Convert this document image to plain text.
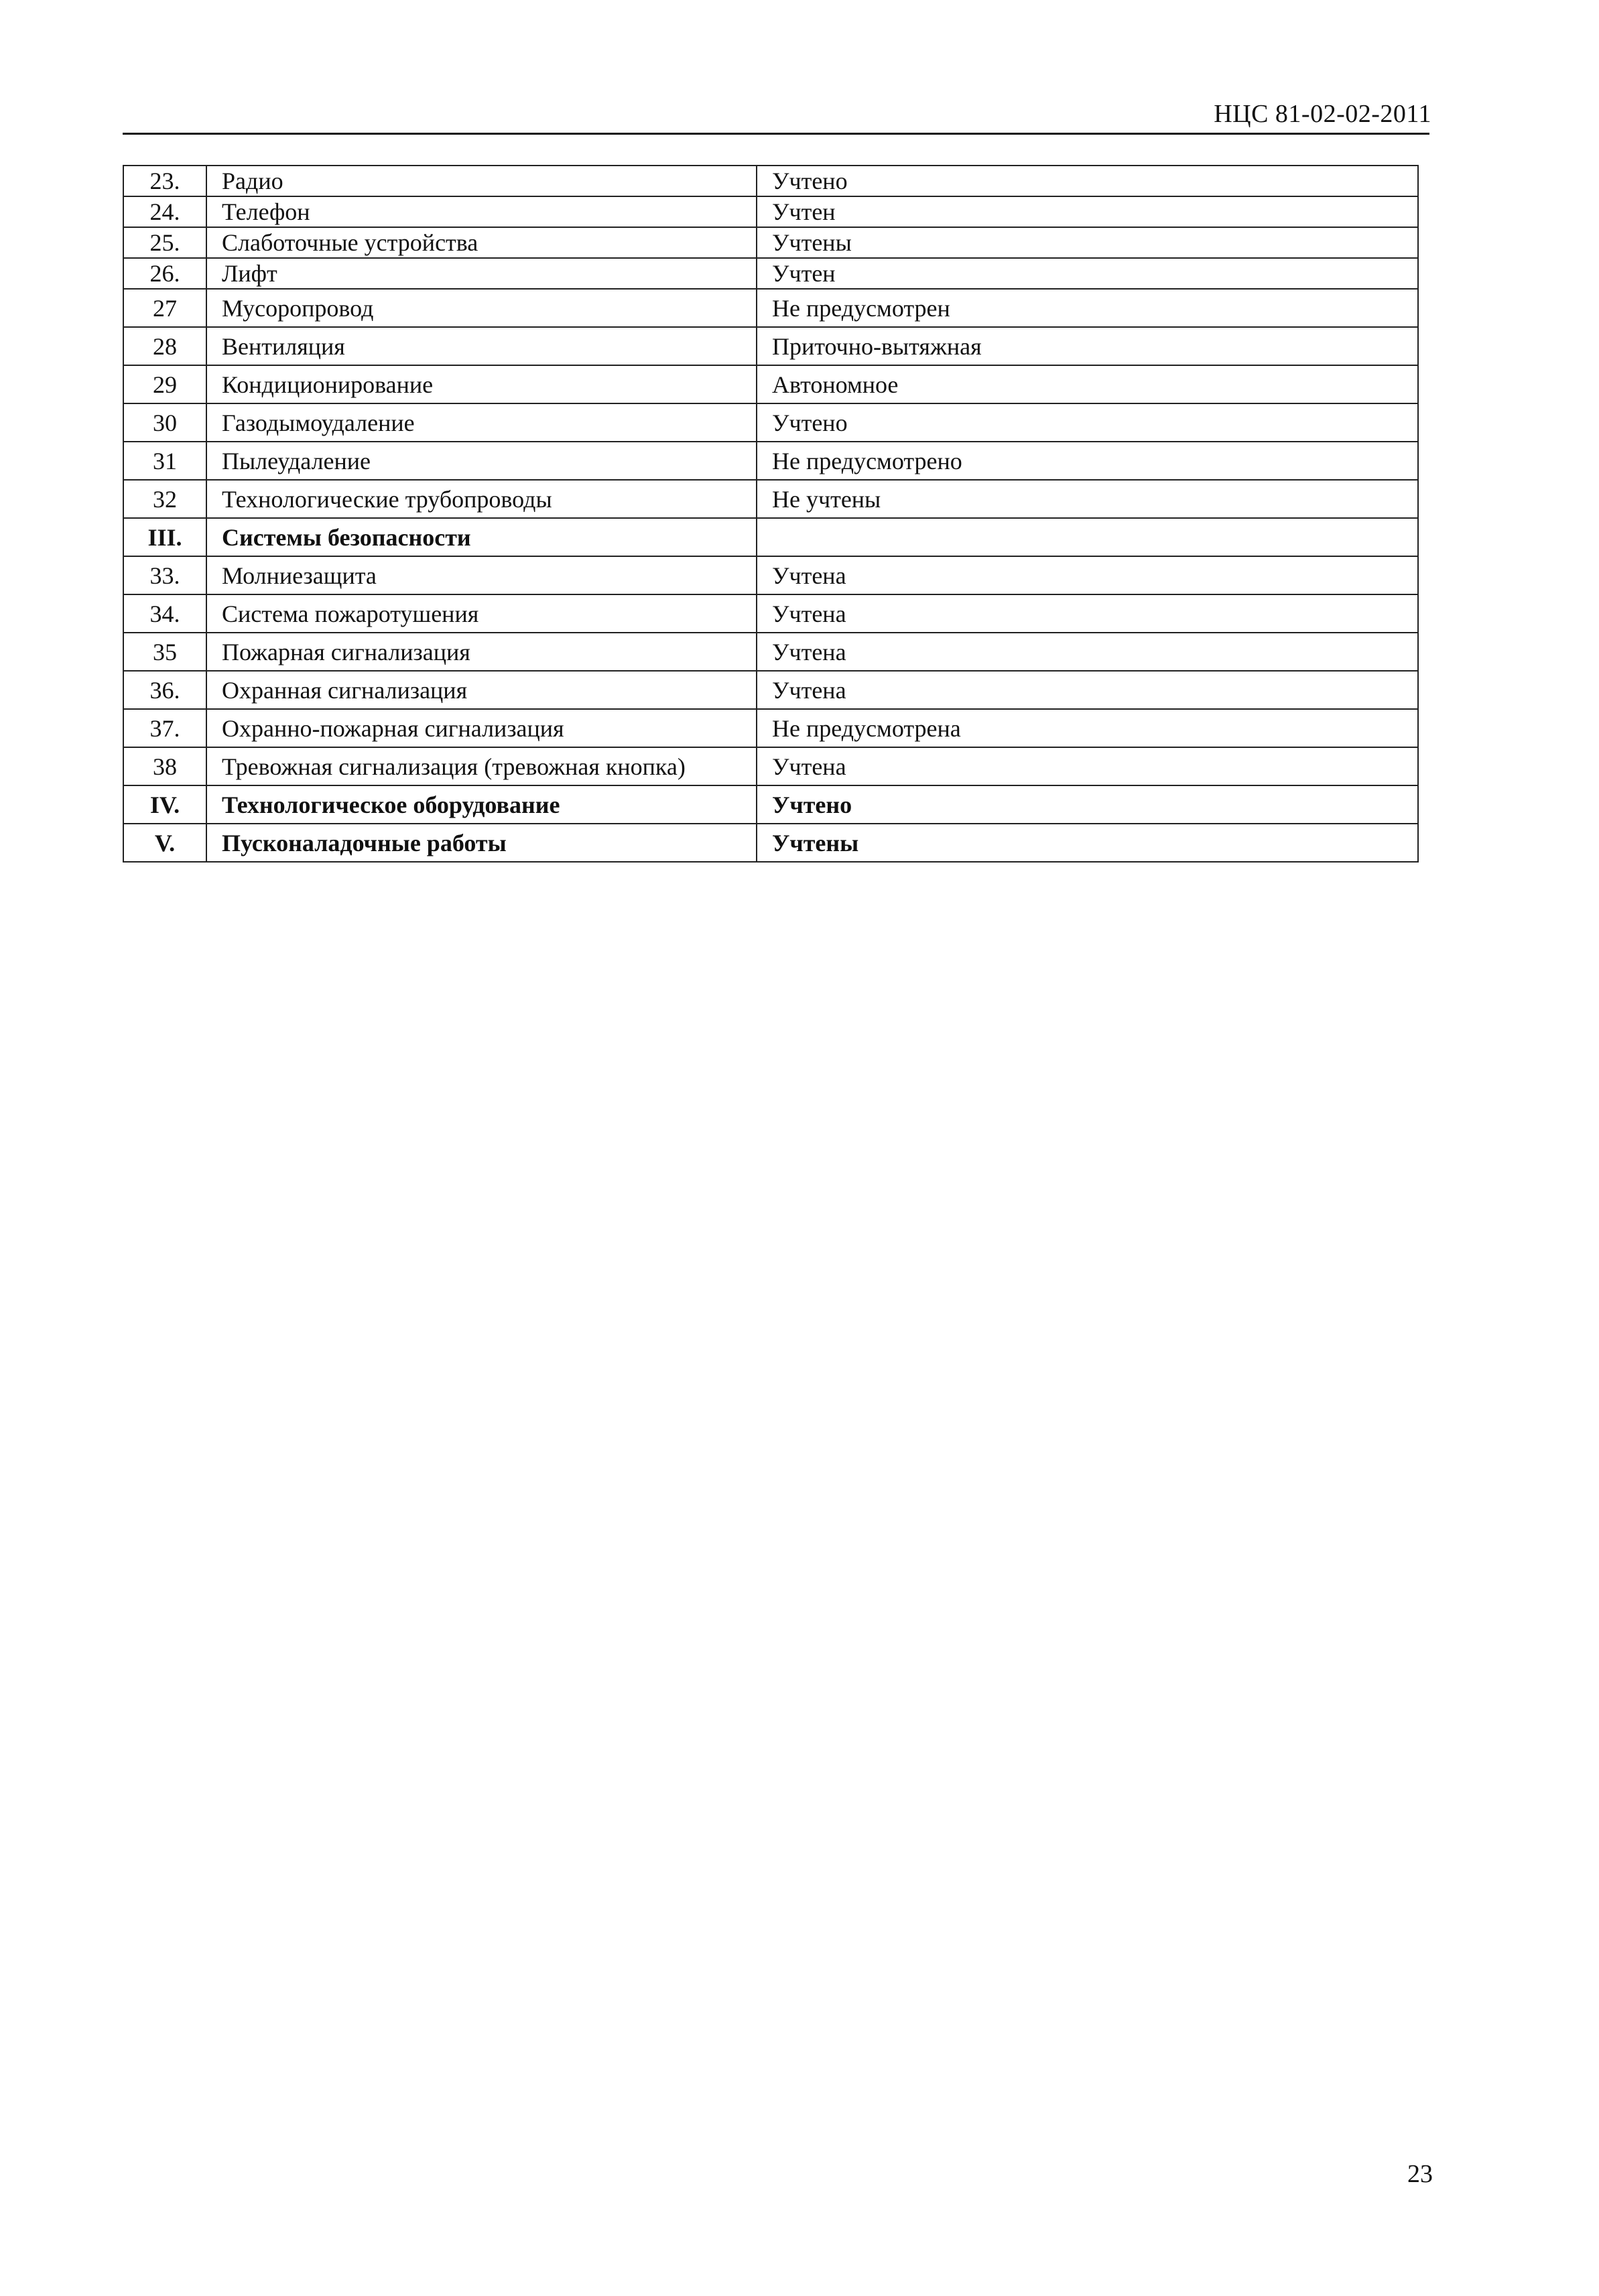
НЦС 81-02-02-2011
23.	Радио	Учтено
24.	Телефон	Учтен
25.	Слаботочные устройства	Учтены
26.	Лифт	Учтен
27	Мусоропровод	Не предусмотрен
28	Вентиляция	Приточно-вытяжная
29	Кондиционирование	Автономное
30	Газодымоудаление	Учтено
31	Пылеудаление	Не предусмотрено
32	Технологические трубопроводы	Не учтены
III.	Системы безопасности	
33.	Молниезащита	Учтена
34.	Система пожаротушения	Учтена
35	Пожарная сигнализация	Учтена
36.	Охранная сигнализация	Учтена
37.	Охранно-пожарная сигнализация	Не предусмотрена
38	Тревожная сигнализация (тревожная кнопка)	Учтена
IV.	Технологическое оборудование	Учтено
V.	Пусконаладочные работы	Учтены
23
